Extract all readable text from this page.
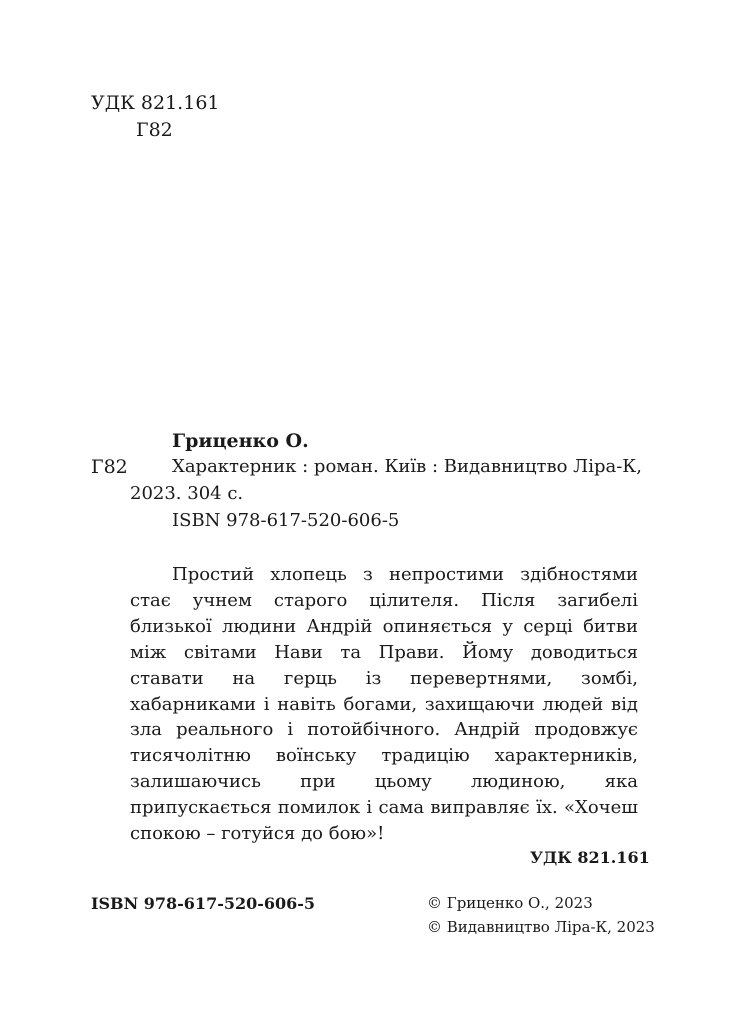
УДК 821.161
Г82
Гриценко О.
Г82 Характерник : роман. Київ : Видавництво Ліра-К,
2023. 304 с.
ISBN 978-617-520-606-5
Простий хлопець з непростими здібностями стає учнем старого цілителя. Після загибелі близької людини Андрій опиняється у серці битви між світами Нави та Прави. Йому доводиться ставати на герць із перевертнями, зомбі, хабарниками і навіть богами, захищаючи людей від зла реального і потойбічного. Андрій продовжує тисячолітню воїнську традицію характерників, залишаючись при цьому людиною, яка припускається помилок і сама виправляє їх. «Хочеш спокою – готуйся до бою»!
УДК 821.161
ISBN 978-617-520-606-5	© Гриценко О., 2023
© Видавництво Ліра-К, 2023
